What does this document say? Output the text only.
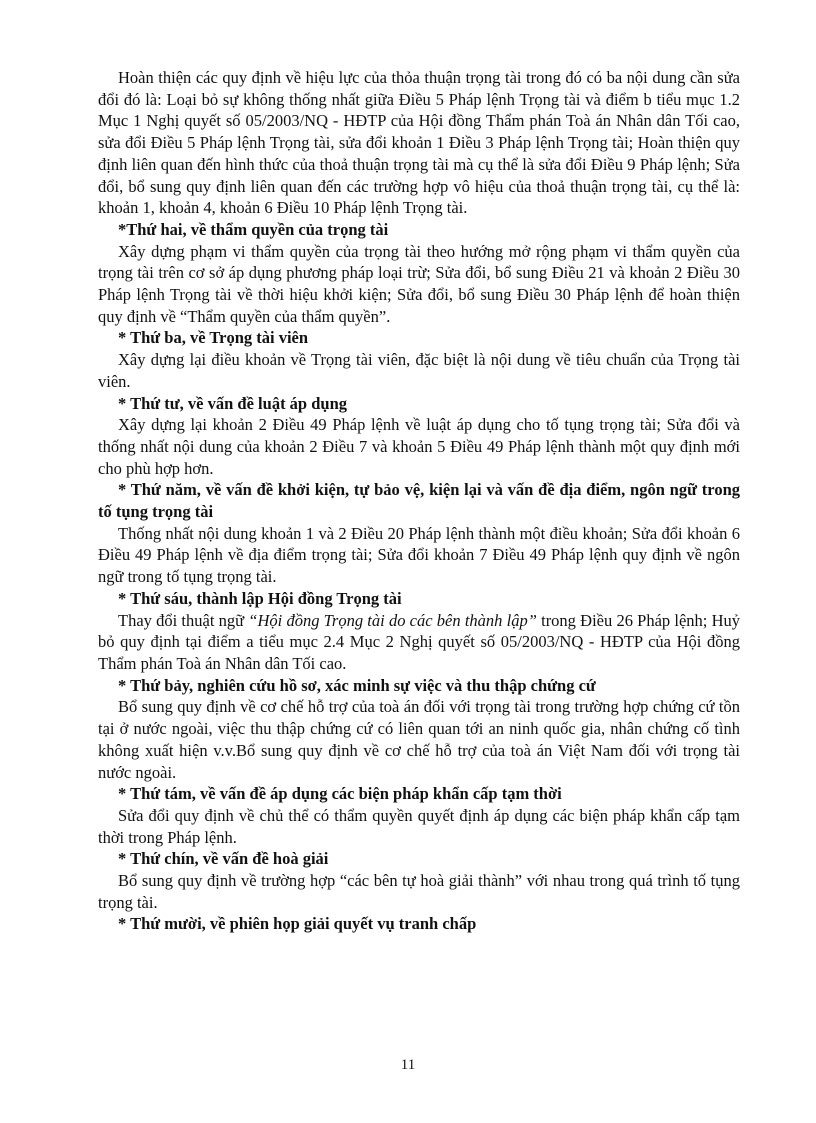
Hoàn thiện các quy định về hiệu lực của thỏa thuận trọng tài trong đó có ba nội dung cần sửa đổi đó là: Loại bỏ sự không thống nhất giữa Điều 5 Pháp lệnh Trọng tài và điểm b tiểu mục 1.2 Mục 1 Nghị quyết số 05/2003/NQ - HĐTP của Hội đồng Thẩm phán Toà án Nhân dân Tối cao, sửa đổi Điều 5 Pháp lệnh Trọng tài, sửa đổi khoản 1 Điều 3 Pháp lệnh Trọng tài; Hoàn thiện quy định liên quan đến hình thức của thoả thuận trọng tài mà cụ thể là sửa đổi Điều 9 Pháp lệnh; Sửa đổi, bổ sung quy định liên quan đến các trường hợp vô hiệu của thoả thuận trọng tài, cụ thể là: khoản 1, khoản 4, khoản 6 Điều 10 Pháp lệnh Trọng tài.

*Thứ hai, về thẩm quyền của trọng tài

Xây dựng phạm vi thẩm quyền của trọng tài theo hướng mở rộng phạm vi thẩm quyền của trọng tài trên cơ sở áp dụng phương pháp loại trừ; Sửa đổi, bổ sung Điều 21 và khoản 2 Điều 30 Pháp lệnh Trọng tài về thời hiệu khởi kiện; Sửa đổi, bổ sung Điều 30 Pháp lệnh để hoàn thiện quy định về “Thẩm quyền của thẩm quyền”.

* Thứ ba, về Trọng tài viên

Xây dựng lại điều khoản về Trọng tài viên, đặc biệt là nội dung về tiêu chuẩn của Trọng tài viên.

* Thứ tư, về vấn đề luật áp dụng

Xây dựng lại khoản 2 Điều 49 Pháp lệnh về luật áp dụng cho tố tụng trọng tài; Sửa đổi và thống nhất nội dung của khoản 2 Điều 7 và khoản 5 Điều 49 Pháp lệnh thành một quy định mới cho phù hợp hơn.

* Thứ năm, về vấn đề khởi kiện, tự bảo vệ, kiện lại và vấn đề địa điểm, ngôn ngữ trong tố tụng trọng tài

Thống nhất nội dung khoản 1 và 2 Điều 20 Pháp lệnh thành một điều khoản; Sửa đổi khoản 6 Điều 49 Pháp lệnh về địa điểm trọng tài; Sửa đổi khoản 7 Điều 49 Pháp lệnh quy định về ngôn ngữ trong tố tụng trọng tài.

* Thứ sáu, thành lập Hội đồng Trọng tài

Thay đổi thuật ngữ “Hội đồng Trọng tài do các bên thành lập” trong Điều 26 Pháp lệnh; Huỷ bỏ quy định tại điểm a tiểu mục 2.4 Mục 2 Nghị quyết số 05/2003/NQ - HĐTP của Hội đồng Thẩm phán Toà án Nhân dân Tối cao.

* Thứ bảy, nghiên cứu hồ sơ, xác minh sự việc và thu thập chứng cứ

Bổ sung quy định về cơ chế hỗ trợ của toà án đối với trọng tài trong trường hợp chứng cứ tồn tại ở nước ngoài, việc thu thập chứng cứ có liên quan tới an ninh quốc gia, nhân chứng cố tình không xuất hiện v.v.Bổ sung quy định về cơ chế hỗ trợ của toà án Việt Nam đối với trọng tài nước ngoài.

* Thứ tám, về vấn đề áp dụng các biện pháp khẩn cấp tạm thời

Sửa đổi quy định về chủ thể có thẩm quyền quyết định áp dụng các biện pháp khẩn cấp tạm thời trong Pháp lệnh.

* Thứ chín, về vấn đề hoà giải

Bổ sung quy định về trường hợp “các bên tự hoà giải thành” với nhau trong quá trình tố tụng trọng tài.

* Thứ mười, về phiên họp giải quyết vụ tranh chấp

11
